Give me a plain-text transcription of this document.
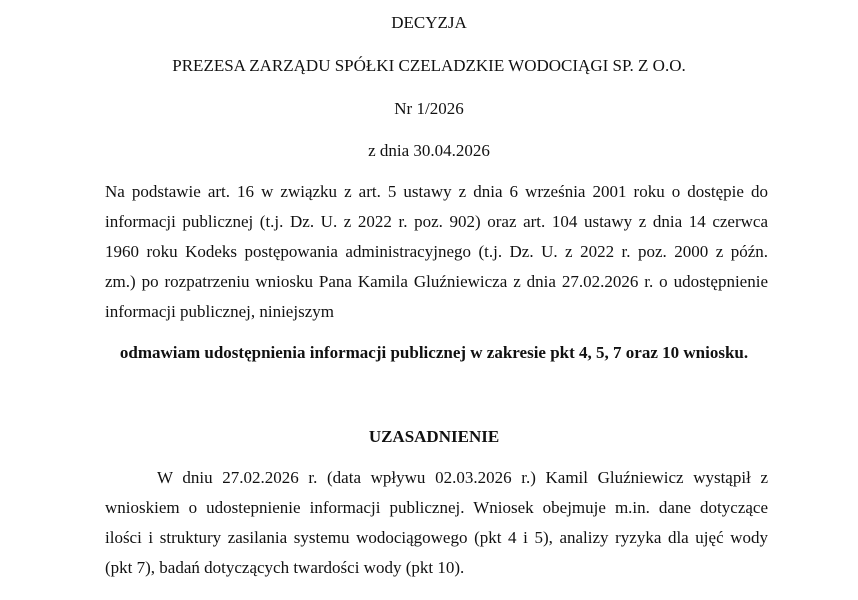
DECYZJA
PREZESA ZARZĄDU SPÓŁKI CZELADZKIE WODOCIĄGI SP. Z O.O.
Nr 1/2026
z dnia 30.04.2026
Na podstawie art. 16 w związku z art. 5 ustawy z dnia 6 września 2001 roku o dostępie do
informacji publicznej (t.j. Dz. U. z 2022 r. poz. 902) oraz art. 104 ustawy z dnia 14 czerwca
1960 roku Kodeks postępowania administracyjnego (t.j. Dz. U. z 2022 r. poz. 2000 z późn.
zm.) po rozpatrzeniu wniosku Pana Kamila Gluźniewicza z dnia 27.02.2026 r. o udostępnienie
informacji publicznej, niniejszym
odmawiam udostępnienia informacji publicznej w zakresie pkt 4, 5, 7 oraz 10 wniosku.
UZASADNIENIE
W dniu 27.02.2026 r. (data wpływu 02.03.2026 r.) Kamil Gluźniewicz wystąpił z
wnioskiem o udostepnienie informacji publicznej. Wniosek obejmuje m.in. dane dotyczące
ilości i struktury zasilania systemu wodociągowego (pkt 4 i 5), analizy ryzyka dla ujęć wody
(pkt 7), badań dotyczących twardości wody (pkt 10).
